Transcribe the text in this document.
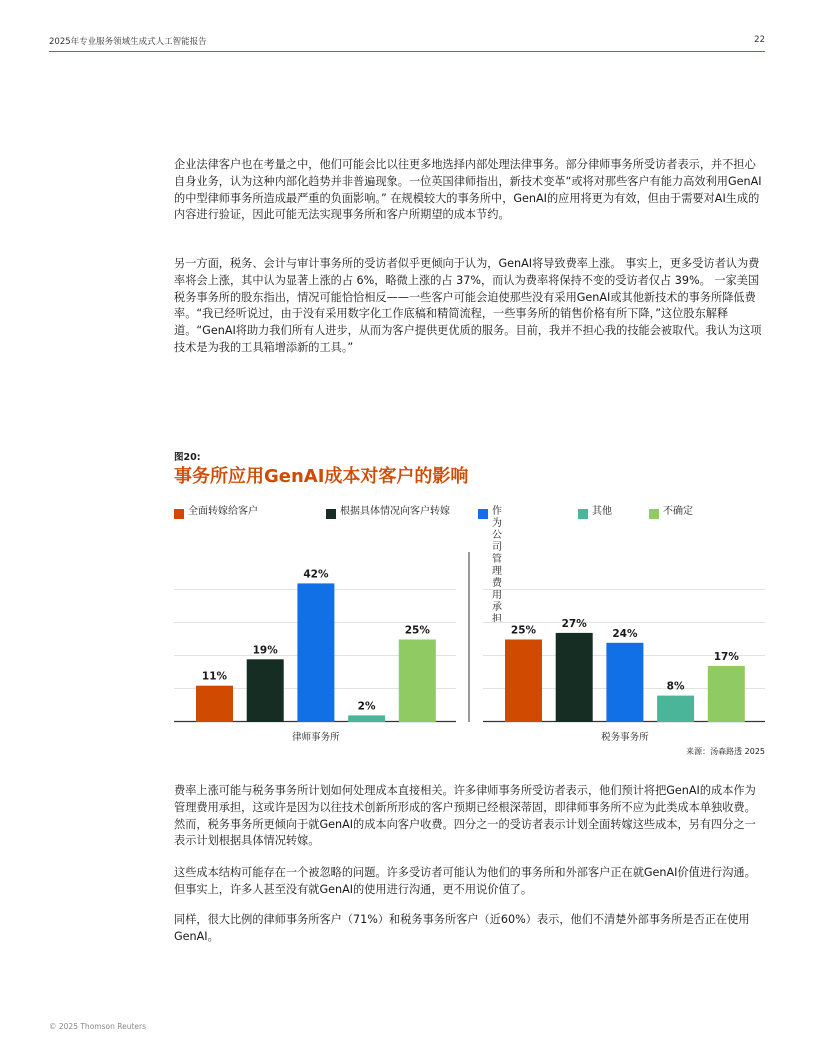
2025年专业服务领域生成式人工智能报告	22

企业法律客户也在考量之中，他们可能会比以往更多地选择内部处理法律事务。部分律师事务所受访者表示，并不担心自身业务，认为这种内部化趋势并非普遍现象。一位英国律师指出，新技术变革“或将对那些客户有能力高效利用GenAI的中型律师事务所造成最严重的负面影响。” 在规模较大的事务所中，GenAI的应用将更为有效，但由于需要对AI生成的内容进行验证，因此可能无法实现事务所和客户所期望的成本节约。

另一方面，税务、会计与审计事务所的受访者似乎更倾向于认为，GenAI将导致费率上涨。 事实上，更多受访者认为费率将会上涨，其中认为显著上涨的占 6%，略微上涨的占 37%，而认为费率将保持不变的受访者仅占 39%。 一家美国税务事务所的股东指出，情况可能恰恰相反——一些客户可能会迫使那些没有采用GenAI或其他新技术的事务所降低费率。“我已经听说过，由于没有采用数字化工作底稿和精简流程，一些事务所的销售价格有所下降，”这位股东解释道。“GenAI将助力我们所有人进步，从而为客户提供更优质的服务。目前，我并不担心我的技能会被取代。我认为这项技术是为我的工具箱增添新的工具。”

图20:
事务所应用GenAI成本对客户的影响
全面转嫁给客户	根据具体情况向客户转嫁	作为公司管理
费用承担
其他	不确定
11%
19%
42%
2%
25%
律师事务所
25%
27%
24%
8%
17%
税务事务所
来源：汤森路透 2025

费率上涨可能与税务事务所计划如何处理成本直接相关。许多律师事务所受访者表示，他们预计将把GenAI的成本作为管理费用承担，这或许是因为以往技术创新所形成的客户预期已经根深蒂固，即律师事务所不应为此类成本单独收费。然而，税务事务所更倾向于就GenAI的成本向客户收费。四分之一的受访者表示计划全面转嫁这些成本，另有四分之一表示计划根据具体情况转嫁。

这些成本结构可能存在一个被忽略的问题。许多受访者可能认为他们的事务所和外部客户正在就GenAI价值进行沟通。但事实上，许多人甚至没有就GenAI的使用进行沟通，更不用说价值了。

同样，很大比例的律师事务所客户（71%）和税务事务所客户（近60%）表示，他们不清楚外部事务所是否正在使用GenAI。

© 2025 Thomson Reuters
